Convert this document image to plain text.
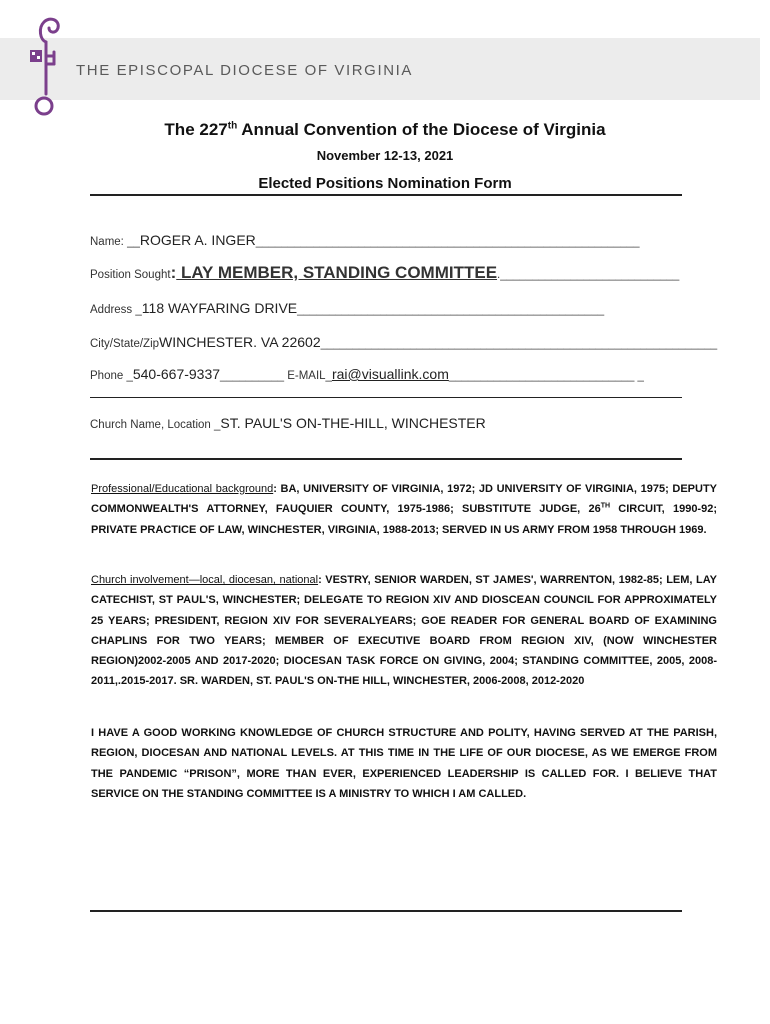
THE EPISCOPAL DIOCESE OF VIRGINIA
The 227th Annual Convention of the Diocese of Virginia
November 12-13, 2021
Elected Positions Nomination Form
Name: __ROGER A. INGER____________________________________________________________
Position Sought: LAY MEMBER, STANDING COMMITTEE.____________________________
Address _118 WAYFARING DRIVE________________________________________________
City/State/ZipWINCHESTER. VA 22602______________________________________________________________
Phone _540-667-9337__________ E-MAIL_rai@visuallink.com_____________________________ _
Church Name, Location _ST. PAUL'S ON-THE-HILL, WINCHESTER
Professional/Educational background: BA, UNIVERSITY OF VIRGINIA, 1972; JD UNIVERSITY OF VIRGINIA, 1975; DEPUTY COMMONWEALTH'S ATTORNEY, FAUQUIER COUNTY, 1975-1986; SUBSTITUTE JUDGE, 26TH CIRCUIT, 1990-92; PRIVATE PRACTICE OF LAW, WINCHESTER, VIRGINIA, 1988-2013; SERVED IN US ARMY FROM 1958 THROUGH 1969.
Church involvement—local, diocesan, national: VESTRY, SENIOR WARDEN, ST JAMES', WARRENTON, 1982-85; LEM, LAY CATECHIST, ST PAUL'S, WINCHESTER; DELEGATE TO REGION XIV AND DIOSCEAN COUNCIL FOR APPROXIMATELY 25 YEARS; PRESIDENT, REGION XIV FOR SEVERALYEARS; GOE READER FOR GENERAL BOARD OF EXAMINING CHAPLINS FOR TWO YEARS; MEMBER OF EXECUTIVE BOARD FROM REGION XIV, (NOW WINCHESTER REGION)2002-2005 AND 2017-2020; DIOCESAN TASK FORCE ON GIVING, 2004; STANDING COMMITTEE, 2005, 2008-2011,.2015-2017. SR. WARDEN, ST. PAUL'S ON-THE HILL, WINCHESTER, 2006-2008, 2012-2020
I HAVE A GOOD WORKING KNOWLEDGE OF CHURCH STRUCTURE AND POLITY, HAVING SERVED AT THE PARISH, REGION, DIOCESAN AND NATIONAL LEVELS. AT THIS TIME IN THE LIFE OF OUR DIOCESE, AS WE EMERGE FROM THE PANDEMIC “PRISON”, MORE THAN EVER, EXPERIENCED LEADERSHIP IS CALLED FOR. I BELIEVE THAT SERVICE ON THE STANDING COMMITTEE IS A MINISTRY TO WHICH I AM CALLED.
